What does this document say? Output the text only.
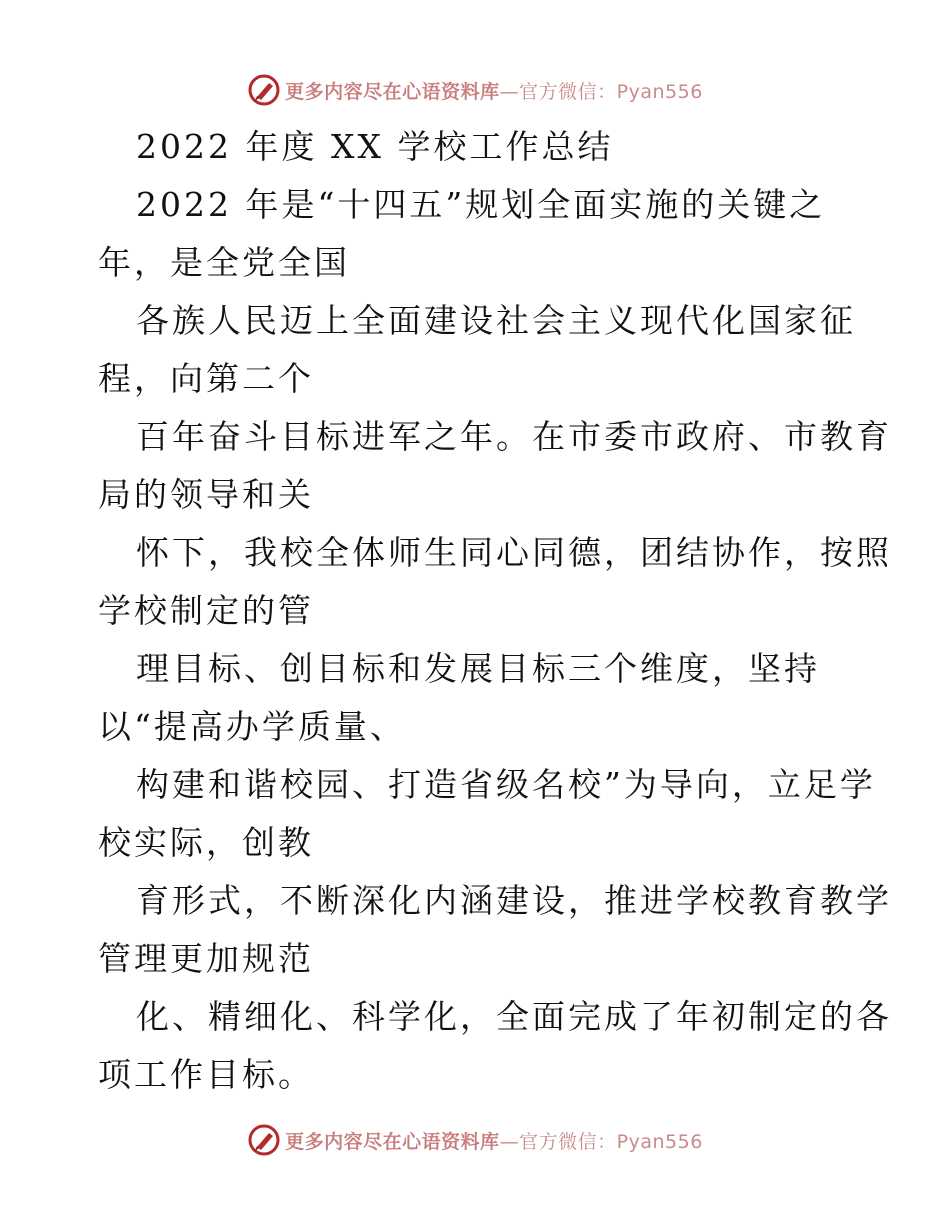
更多内容尽在心语资料库—官方微信：Pyan556
2022 年度 XX 学校工作总结
2022 年是“十四五”规划全面实施的关键之
年，是全党全国
各族人民迈上全面建设社会主义现代化国家征
程，向第二个
百年奋斗目标进军之年。在市委市政府、市教育
局的领导和关
怀下，我校全体师生同心同德，团结协作，按照
学校制定的管
理目标、创目标和发展目标三个维度，坚持
以“提高办学质量、
构建和谐校园、打造省级名校”为导向，立足学
校实际，创教
育形式，不断深化内涵建设，推进学校教育教学
管理更加规范
化、精细化、科学化，全面完成了年初制定的各
项工作目标。
更多内容尽在心语资料库—官方微信：Pyan556
